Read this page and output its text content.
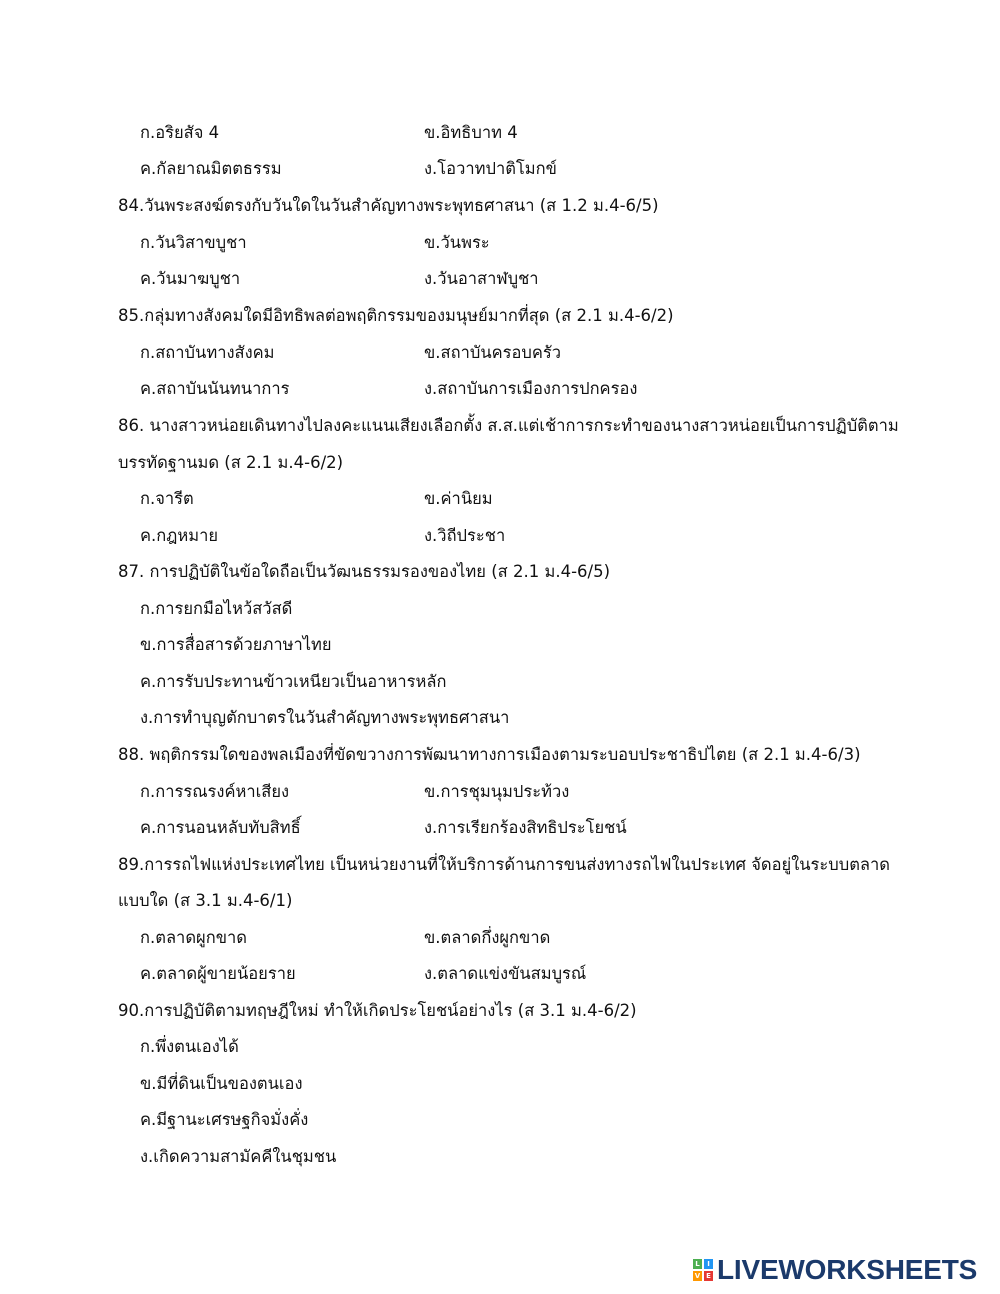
ก.อริยสัจ 4	ข.อิทธิบาท 4
ค.กัลยาณมิตตธรรม	ง.โอวาทปาติโมกข์
84.วันพระสงฆ์ตรงกับวันใดในวันสำคัญทางพระพุทธศาสนา (ส 1.2 ม.4-6/5)
ก.วันวิสาขบูชา	ข.วันพระ
ค.วันมาฆบูชา	ง.วันอาสาฬบูชา
85.กลุ่มทางสังคมใดมีอิทธิพลต่อพฤติกรรมของมนุษย์มากที่สุด (ส 2.1 ม.4-6/2)
ก.สถาบันทางสังคม	ข.สถาบันครอบครัว
ค.สถาบันนันทนาการ	ง.สถาบันการเมืองการปกครอง
86. นางสาวหน่อยเดินทางไปลงคะแนนเสียงเลือกตั้ง ส.ส.แต่เช้าการกระทำของนางสาวหน่อยเป็นการปฏิบัติตาม
บรรทัดฐานมด (ส 2.1 ม.4-6/2)
ก.จารีต	ข.ค่านิยม
ค.กฎหมาย	ง.วิถีประชา
87. การปฏิบัติในข้อใดถือเป็นวัฒนธรรมรองของไทย (ส 2.1 ม.4-6/5)
ก.การยกมือไหว้สวัสดี
ข.การสื่อสารด้วยภาษาไทย
ค.การรับประทานข้าวเหนียวเป็นอาหารหลัก
ง.การทำบุญตักบาตรในวันสำคัญทางพระพุทธศาสนา
88. พฤติกรรมใดของพลเมืองที่ขัดขวางการพัฒนาทางการเมืองตามระบอบประชาธิปไตย (ส 2.1 ม.4-6/3)
ก.การรณรงค์หาเสียง	ข.การชุมนุมประท้วง
ค.การนอนหลับทับสิทธิ์	ง.การเรียกร้องสิทธิประโยชน์
89.การรถไฟแห่งประเทศไทย เป็นหน่วยงานที่ให้บริการด้านการขนส่งทางรถไฟในประเทศ จัดอยู่ในระบบตลาด
แบบใด (ส 3.1 ม.4-6/1)
ก.ตลาดผูกขาด	ข.ตลาดกึ่งผูกขาด
ค.ตลาดผู้ขายน้อยราย	ง.ตลาดแข่งขันสมบูรณ์
90.การปฏิบัติตามทฤษฎีใหม่ ทำให้เกิดประโยชน์อย่างไร (ส 3.1 ม.4-6/2)
ก.พึ่งตนเองได้
ข.มีที่ดินเป็นของตนเอง
ค.มีฐานะเศรษฐกิจมั่งคั่ง
ง.เกิดความสามัคคีในชุมชน
L	I
V E LIVEWORKSHEETS
